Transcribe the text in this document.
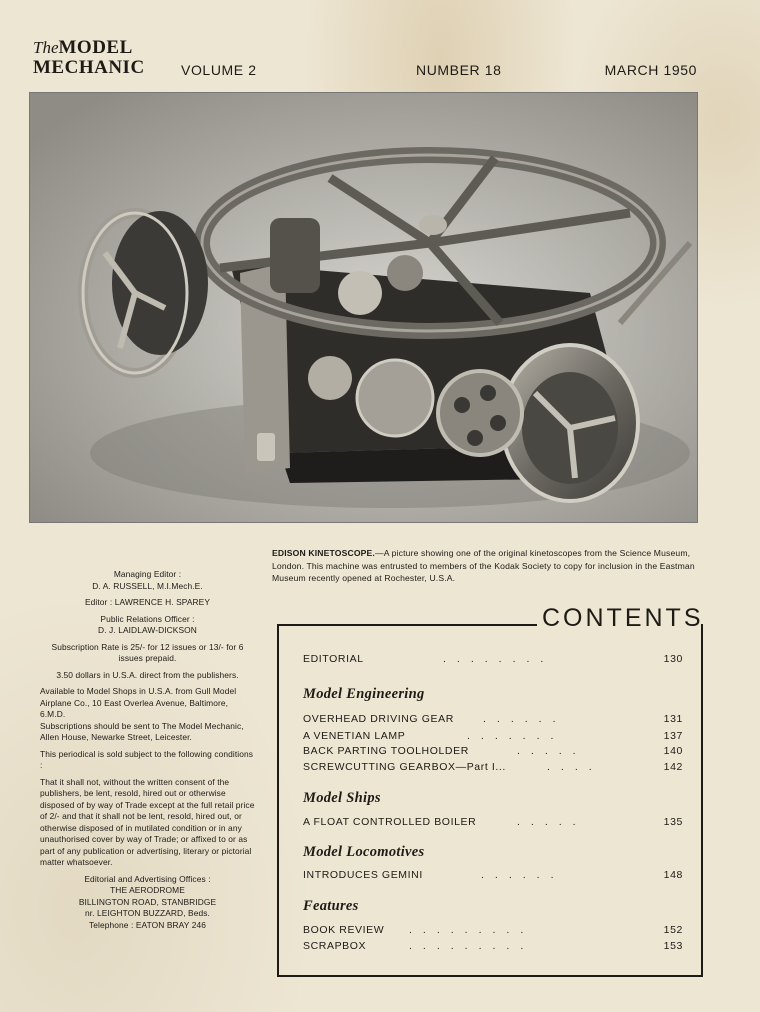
TheMODEL
MECHANIC	VOLUME 2	NUMBER 18	MARCH 1950
EDISON KINETOSCOPE.—A picture showing one of the original kinetoscopes from the Science Museum, London. This machine was entrusted to members of the Kodak Society to copy for inclusion in the Eastman Museum recently opened at Rochester, U.S.A.
Managing Editor :
D. A. RUSSELL, M.I.Mech.E.
Editor : LAWRENCE H. SPAREY
Public Relations Officer :
D. J. LAIDLAW-DICKSON
Subscription Rate is 25/- for 12 issues or 13/- for 6 issues prepaid.
3.50 dollars in U.S.A. direct from the publishers.
Available to Model Shops in U.S.A. from Gull Model Airplane Co., 10 East Overlea Avenue, Baltimore, 6.M.D.
Subscriptions should be sent to The Model Mechanic, Allen House, Newarke Street, Leicester.
This periodical is sold subject to the following conditions :
That it shall not, without the written consent of the publishers, be lent, resold, hired out or otherwise disposed of by way of Trade except at the full retail price of 2/- and that it shall not be lent, resold, hired out, or otherwise disposed of in mutilated condition or in any unauthorised cover by way of Trade; or affixed to or as part of any publication or advertising, literary or pictorial matter whatsoever.
Editorial and Advertising Offices :
THE AERODROME
BILLINGTON ROAD, STANBRIDGE
nr. LEIGHTON BUZZARD, Beds.
Telephone : EATON BRAY 246
CONTENTS
EDITORIAL	........	130
Model Engineering
OVERHEAD DRIVING GEAR	......	131
A VENETIAN LAMP	.......	137
BACK PARTING TOOLHOLDER	.....	140
SCREWCUTTING GEARBOX—Part I...	....	142
Model Ships
A FLOAT CONTROLLED BOILER	.....	135
Model Locomotives
INTRODUCES GEMINI	......	148
Features
BOOK REVIEW .........	152
SCRAPBOX	.........	153
